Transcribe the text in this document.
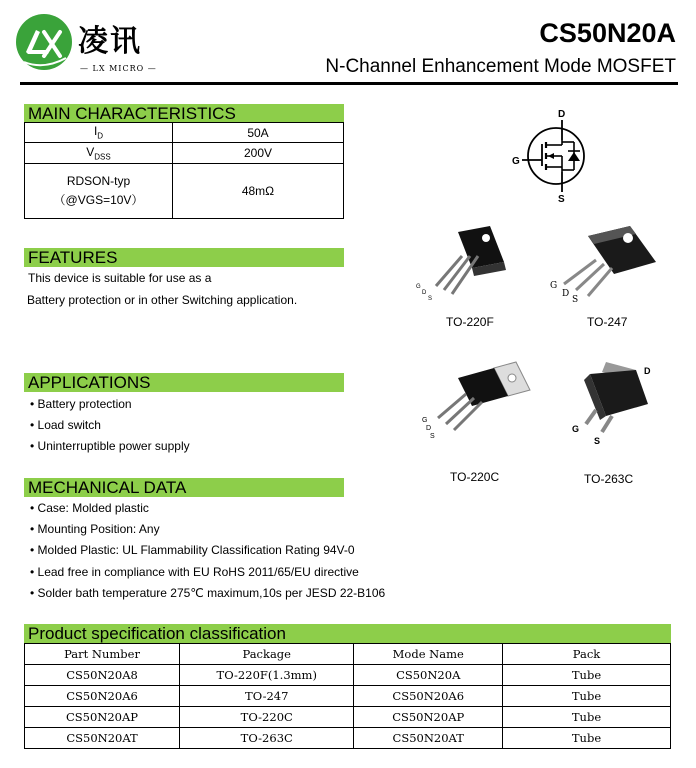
凌讯
— LX MICRO —
CS50N20A
N-Channel Enhancement Mode MOSFET
MAIN CHARACTERISTICS
$I_D$	50A
$V_{DSS}$	200V

RDSON-typ
（@VGS=10V）	48mΩ
D
G
S
FEATURES
This device is suitable for use as a
Battery protection or in other Switching application.
G
D
S
TO-220F
G
D
S
TO-247
APPLICATIONS
• Battery protection
• Load switch
• Uninterruptible power supply
G
D
S
TO-220C
D
G
S
TO-263C
MECHANICAL DATA
• Case: Molded plastic
• Mounting Position: Any
• Molded Plastic: UL Flammability Classification Rating 94V-0
• Lead free in compliance with EU RoHS 2011/65/EU directive
• Solder bath temperature 275℃ maximum,10s per JESD 22-B106
Product specification classification
Part Number	Package	Mode Name	Pack
CS50N20A8	TO-220F(1.3mm)	CS50N20A	Tube
CS50N20A6	TO-247	CS50N20A6	Tube
CS50N20AP	TO-220C	CS50N20AP	Tube
CS50N20AT	TO-263C	CS50N20AT	Tube
